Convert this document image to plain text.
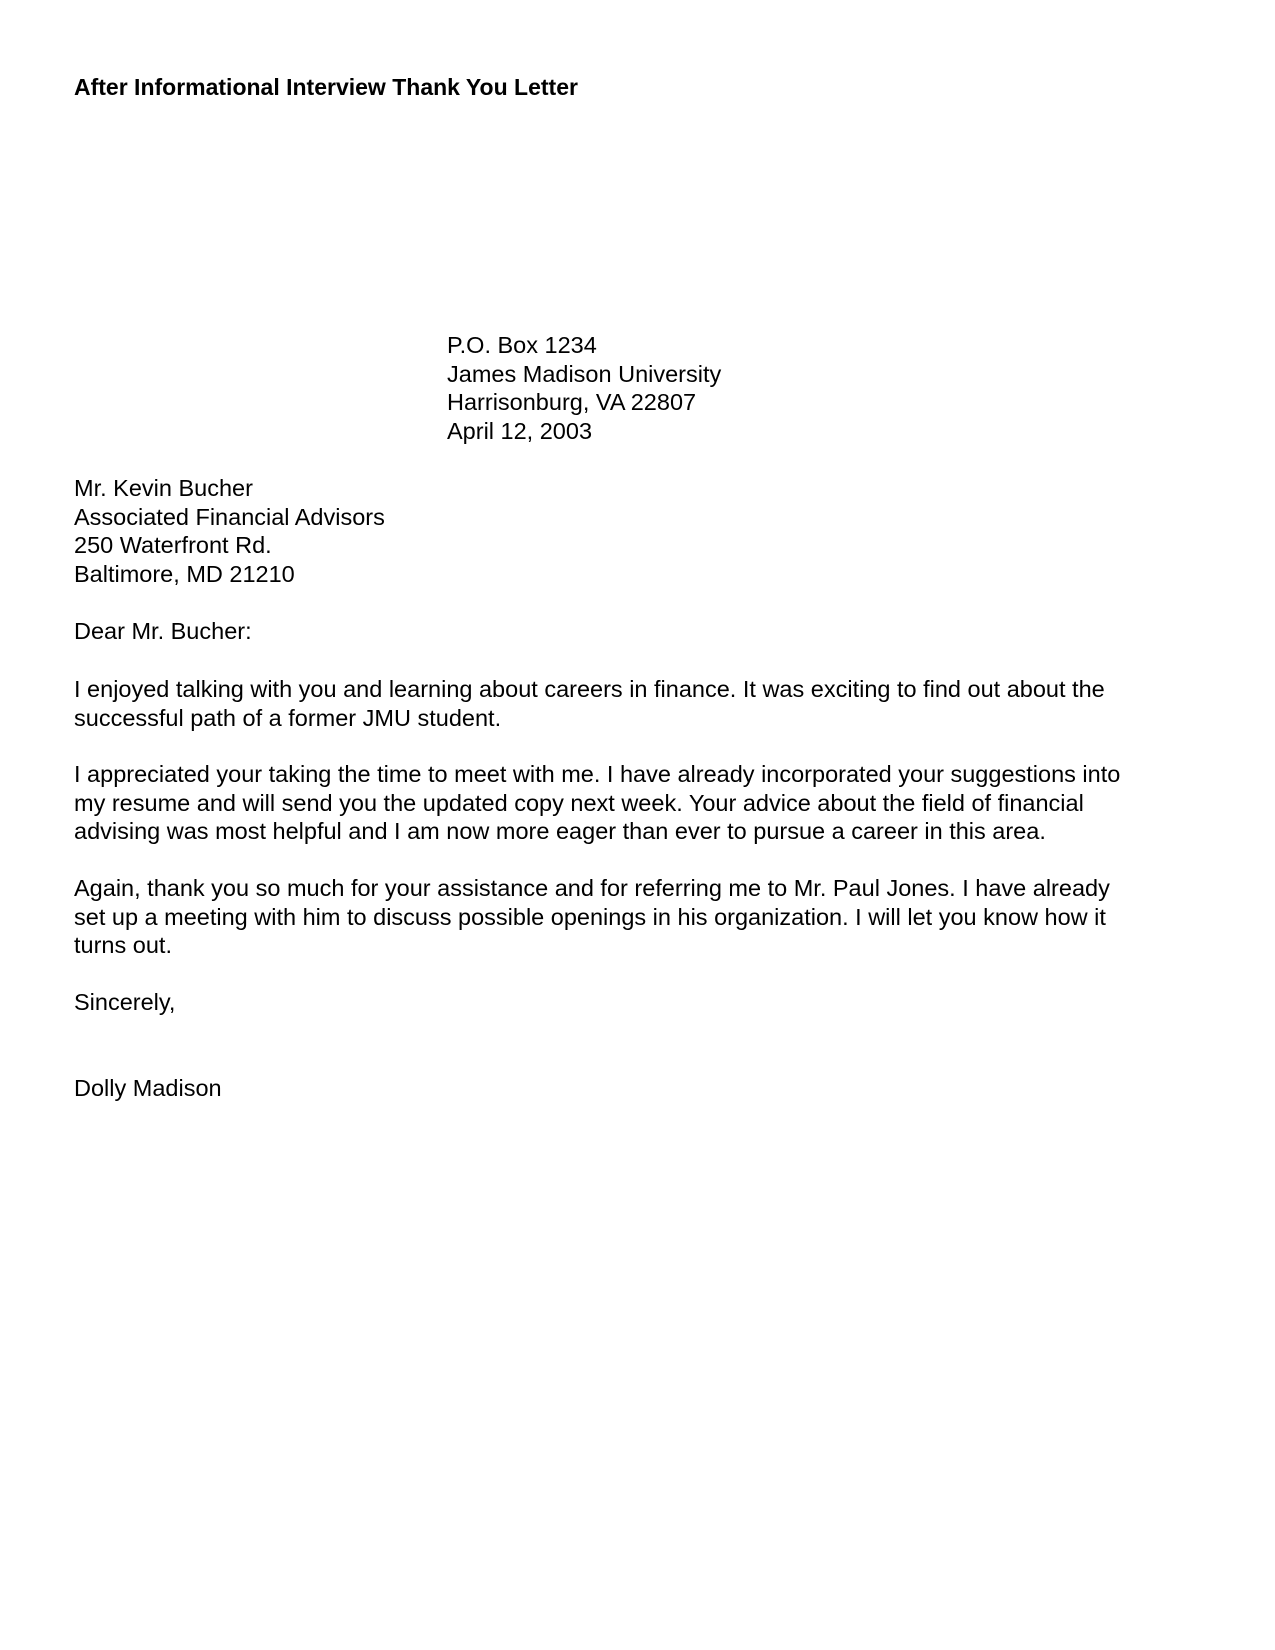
After Informational Interview Thank You Letter
P.O. Box 1234
James Madison University
Harrisonburg, VA 22807
April 12, 2003
Mr. Kevin Bucher
Associated Financial Advisors
250 Waterfront Rd.
Baltimore, MD 21210
Dear Mr. Bucher:
I enjoyed talking with you and learning about careers in finance. It was exciting to find out about the
successful path of a former JMU student.
I appreciated your taking the time to meet with me. I have already incorporated your suggestions into
my resume and will send you the updated copy next week. Your advice about the field of financial
advising was most helpful and I am now more eager than ever to pursue a career in this area.
Again, thank you so much for your assistance and for referring me to Mr. Paul Jones. I have already
set up a meeting with him to discuss possible openings in his organization. I will let you know how it
turns out.
Sincerely,
Dolly Madison
